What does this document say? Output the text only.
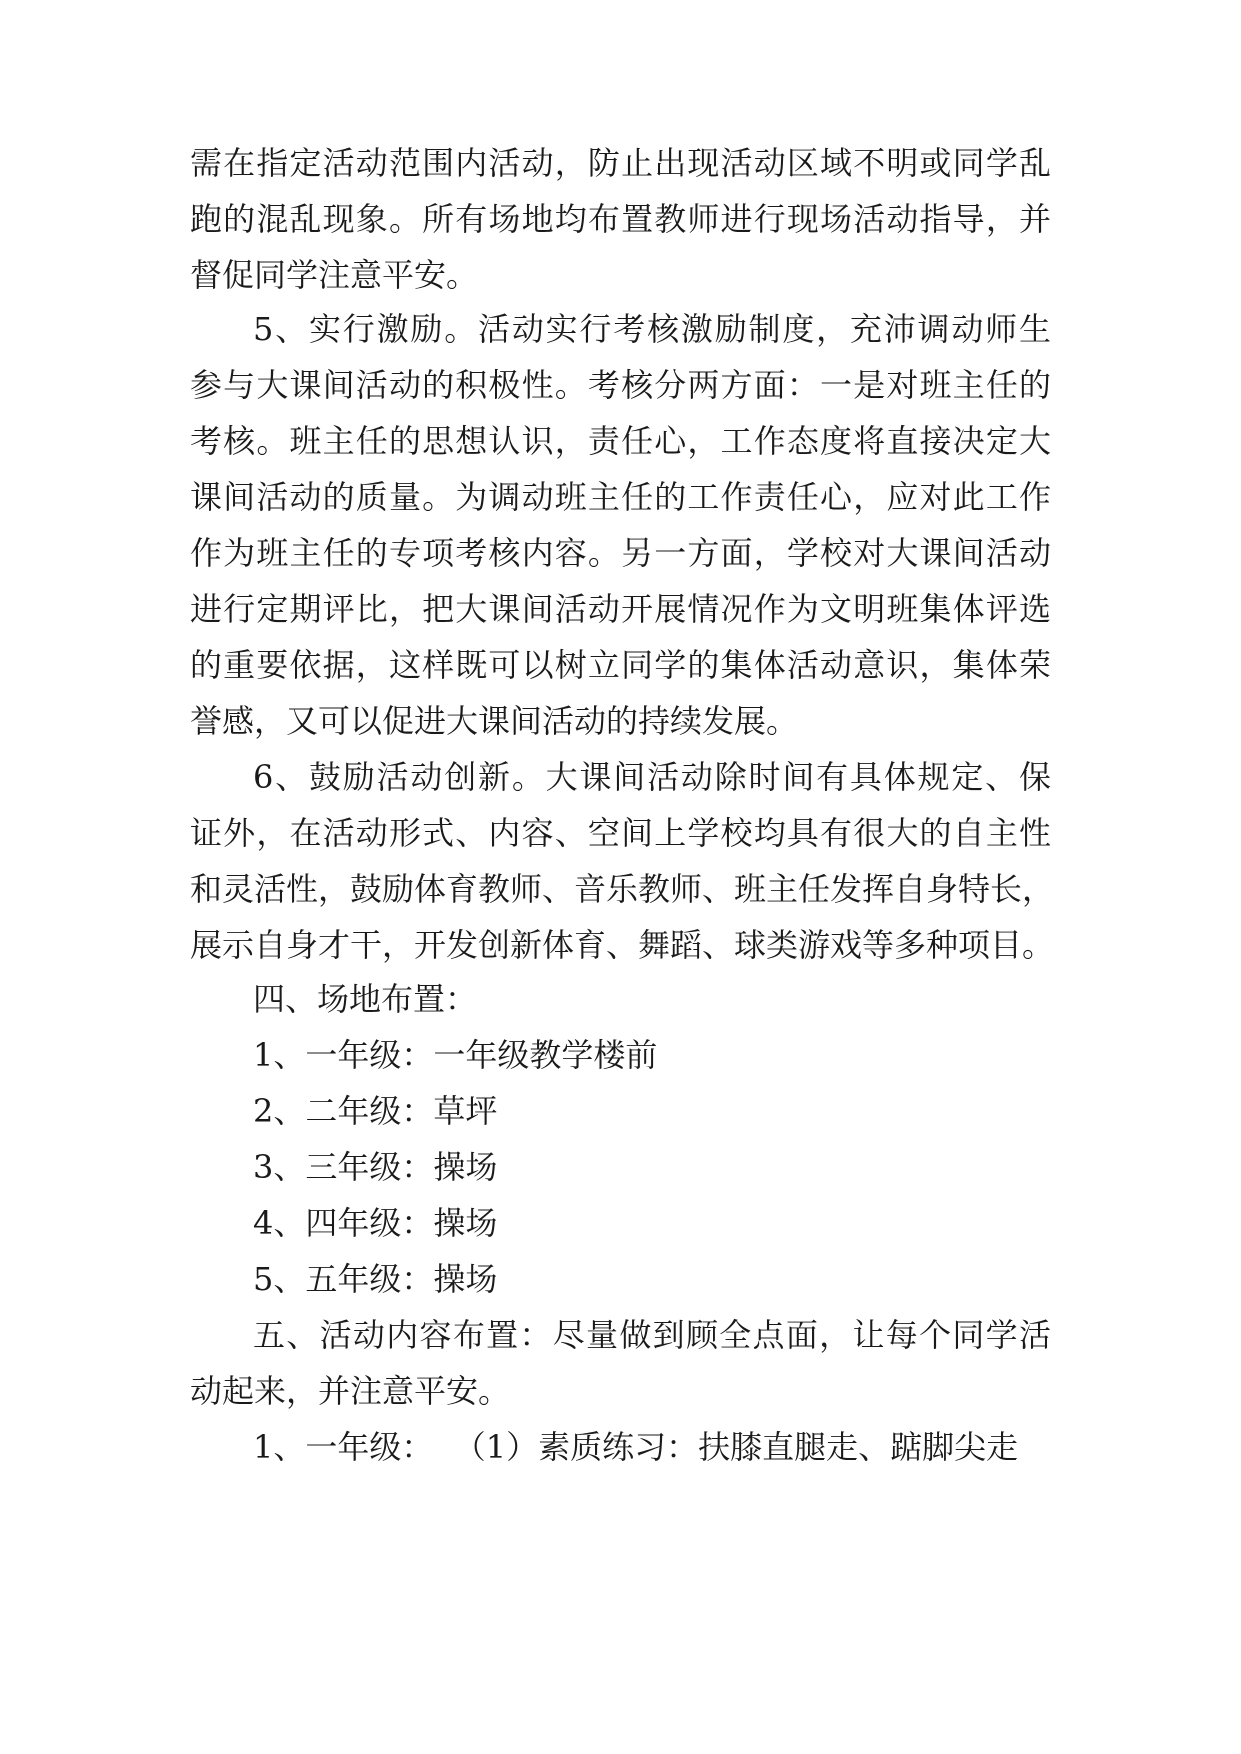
需在指定活动范围内活动，防止出现活动区域不明或同学乱
跑的混乱现象。所有场地均布置教师进行现场活动指导，并
督促同学注意平安。
5、实行激励。活动实行考核激励制度，充沛调动师生
参与大课间活动的积极性。考核分两方面：一是对班主任的
考核。班主任的思想认识，责任心，工作态度将直接决定大
课间活动的质量。为调动班主任的工作责任心，应对此工作
作为班主任的专项考核内容。另一方面，学校对大课间活动
进行定期评比，把大课间活动开展情况作为文明班集体评选
的重要依据，这样既可以树立同学的集体活动意识，集体荣
誉感，又可以促进大课间活动的持续发展。
6、鼓励活动创新。大课间活动除时间有具体规定、保
证外，在活动形式、内容、空间上学校均具有很大的自主性
和灵活性，鼓励体育教师、音乐教师、班主任发挥自身特长，
展示自身才干，开发创新体育、舞蹈、球类游戏等多种项目。
四、场地布置：
1、一年级：一年级教学楼前
2、二年级：草坪
3、三年级：操场
4、四年级：操场
5、五年级：操场
五、活动内容布置：尽量做到顾全点面，让每个同学活
动起来，并注意平安。
1、一年级：  （1）素质练习：扶膝直腿走、踮脚尖走
